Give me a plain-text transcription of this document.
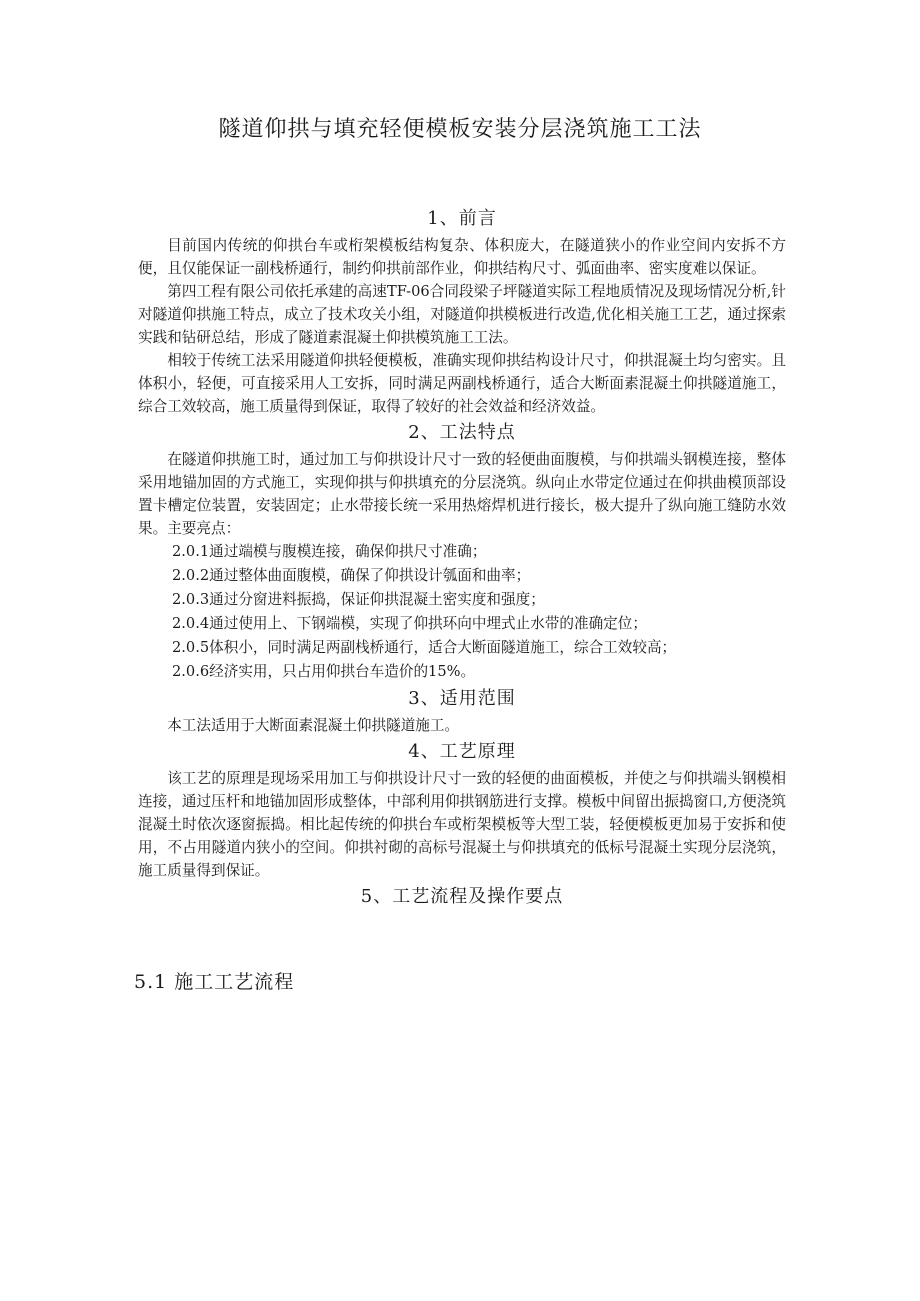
隧道仰拱与填充轻便模板安装分层浇筑施工工法
1、前言

目前国内传统的仰拱台车或桁架模板结构复杂、体积庞大，在隧道狭小的作业空间内安拆不方便，且仅能保证一副栈桥通行，制约仰拱前部作业，仰拱结构尺寸、弧面曲率、密实度难以保证。

第四工程有限公司依托承建的高速TF-06合同段梁子坪隧道实际工程地质情况及现场情况分析,针对隧道仰拱施工特点，成立了技术攻关小组，对隧道仰拱模板进行改造,优化相关施工工艺，通过探索实践和钻研总结，形成了隧道素混凝土仰拱模筑施工工法。

相较于传统工法采用隧道仰拱轻便模板，准确实现仰拱结构设计尺寸，仰拱混凝土均匀密实。且体积小，轻便，可直接采用人工安拆，同时满足两副栈桥通行，适合大断面素混凝土仰拱隧道施工，综合工效较高，施工质量得到保证，取得了较好的社会效益和经济效益。

2、工法特点

在隧道仰拱施工时，通过加工与仰拱设计尺寸一致的轻便曲面腹模，与仰拱端头钢模连接，整体采用地锚加固的方式施工，实现仰拱与仰拱填充的分层浇筑。纵向止水带定位通过在仰拱曲模顶部设置卡槽定位装置，安装固定；止水带接长统一采用热熔焊机进行接长，极大提升了纵向施工缝防水效果。主要亮点：

2.0.1通过端模与腹模连接，确保仰拱尺寸准确；

2.0.2通过整体曲面腹模，确保了仰拱设计瓠面和曲率；

2.0.3通过分窗进料振捣，保证仰拱混凝土密实度和强度；

2.0.4通过使用上、下钢端模，实现了仰拱环向中埋式止水带的准确定位；

2.0.5体积小，同时满足两副栈桥通行，适合大断面隧道施工，综合工效较高；

2.0.6经济实用，只占用仰拱台车造价的15%。

3、适用范围

本工法适用于大断面素混凝土仰拱隧道施工。

4、工艺原理

该工艺的原理是现场采用加工与仰拱设计尺寸一致的轻便的曲面模板，并使之与仰拱端头钢模相连接，通过压杆和地锚加固形成整体，中部利用仰拱钢筋进行支撑。模板中间留出振捣窗口,方便浇筑混凝土时依次逐窗振捣。相比起传统的仰拱台车或桁架模板等大型工装，轻便模板更加易于安拆和使用，不占用隧道内狭小的空间。仰拱衬砌的高标号混凝土与仰拱填充的低标号混凝土实现分层浇筑，施工质量得到保证。

5、工艺流程及操作要点
5.1 施工工艺流程
